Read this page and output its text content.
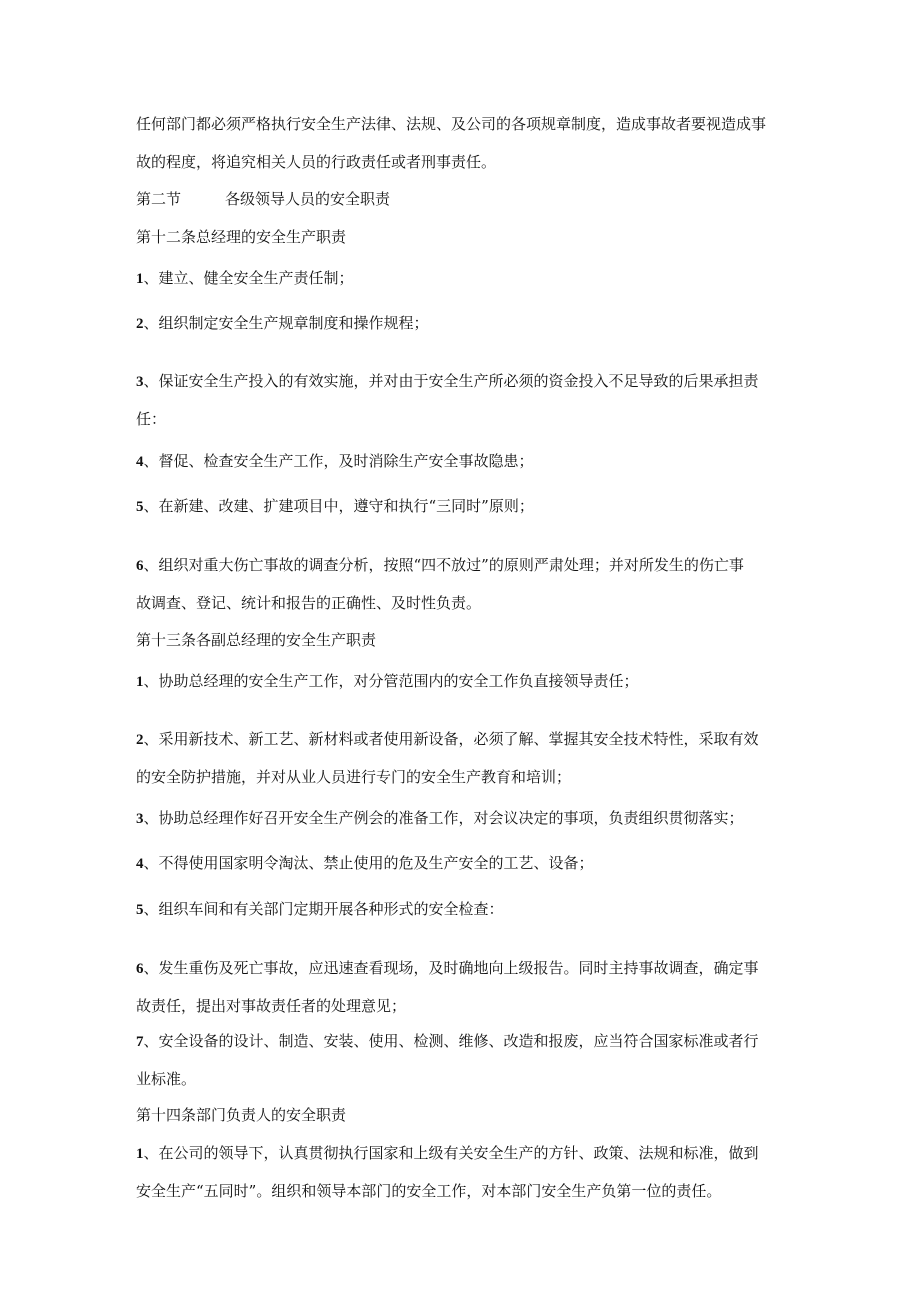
任何部门都必须严格执行安全生产法律、法规、及公司的各项规章制度，造成事故者要视造成事
故的程度，将追究相关人员的行政责任或者刑事责任。
第二节	各级领导人员的安全职责
第十二条总经理的安全生产职责
1、建立、健全安全生产责任制；
2、组织制定安全生产规章制度和操作规程；
3、保证安全生产投入的有效实施，并对由于安全生产所必须的资金投入不足导致的后果承担责
任：
4、督促、检查安全生产工作，及时消除生产安全事故隐患；
5、在新建、改建、扩建项目中，遵守和执行“三同时”原则；
6、组织对重大伤亡事故的调查分析，按照“四不放过”的原则严肃处理；并对所发生的伤亡事
故调查、登记、统计和报告的正确性、及时性负责。
第十三条各副总经理的安全生产职责
1、协助总经理的安全生产工作，对分管范围内的安全工作负直接领导责任；
2、采用新技术、新工艺、新材料或者使用新设备，必须了解、掌握其安全技术特性，采取有效
的安全防护措施，并对从业人员进行专门的安全生产教育和培训；
3、协助总经理作好召开安全生产例会的准备工作，对会议决定的事项，负责组织贯彻落实；
4、不得使用国家明令淘汰、禁止使用的危及生产安全的工艺、设备；
5、组织车间和有关部门定期开展各种形式的安全检查：
6、发生重伤及死亡事故，应迅速查看现场，及时确地向上级报告。同时主持事故调查，确定事
故责任，提出对事故责任者的处理意见；
7、安全设备的设计、制造、安装、使用、检测、维修、改造和报废，应当符合国家标准或者行
业标准。
第十四条部门负责人的安全职责
1、在公司的领导下，认真贯彻执行国家和上级有关安全生产的方针、政策、法规和标准，做到
安全生产“五同时”。组织和领导本部门的安全工作，对本部门安全生产负第一位的责任。
